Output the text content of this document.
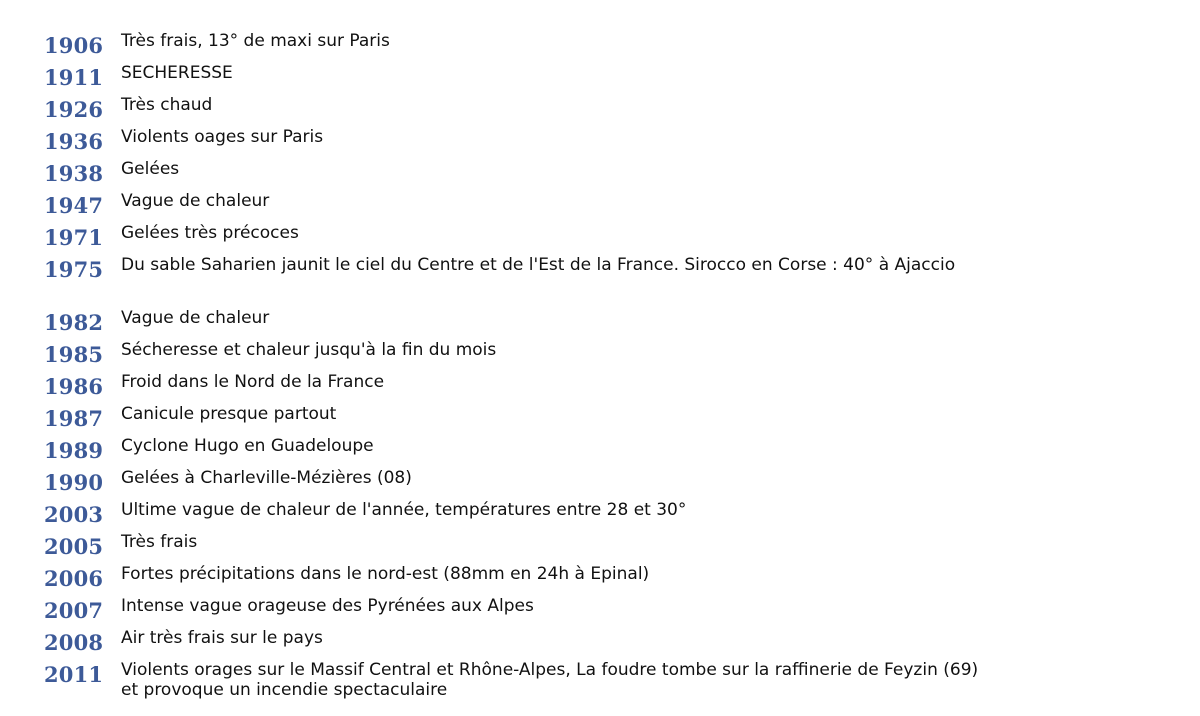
1906	Très frais, 13° de maxi sur Paris
1911	SECHERESSE
1926	Très chaud
1936	Violents oages sur Paris
1938	Gelées
1947	Vague de chaleur
1971	Gelées très précoces
1975	Du sable Saharien jaunit le ciel du Centre et de l'Est de la France. Sirocco en Corse : 40° à Ajaccio
1982	Vague de chaleur
1985	Sécheresse et chaleur jusqu'à la fin du mois
1986	Froid dans le Nord de la France
1987	Canicule presque partout
1989	Cyclone Hugo en Guadeloupe
1990	Gelées à Charleville-Mézières (08)
2003	Ultime vague de chaleur de l'année, températures entre 28 et 30°
2005	Très frais
2006	Fortes précipitations dans le nord-est (88mm en 24h à Epinal)
2007	Intense vague orageuse des Pyrénées aux Alpes
2008	Air très frais sur le pays
2011	Violents orages sur le Massif Central et Rhône-Alpes, La foudre tombe sur la raffinerie de Feyzin (69) et provoque un incendie spectaculaire
